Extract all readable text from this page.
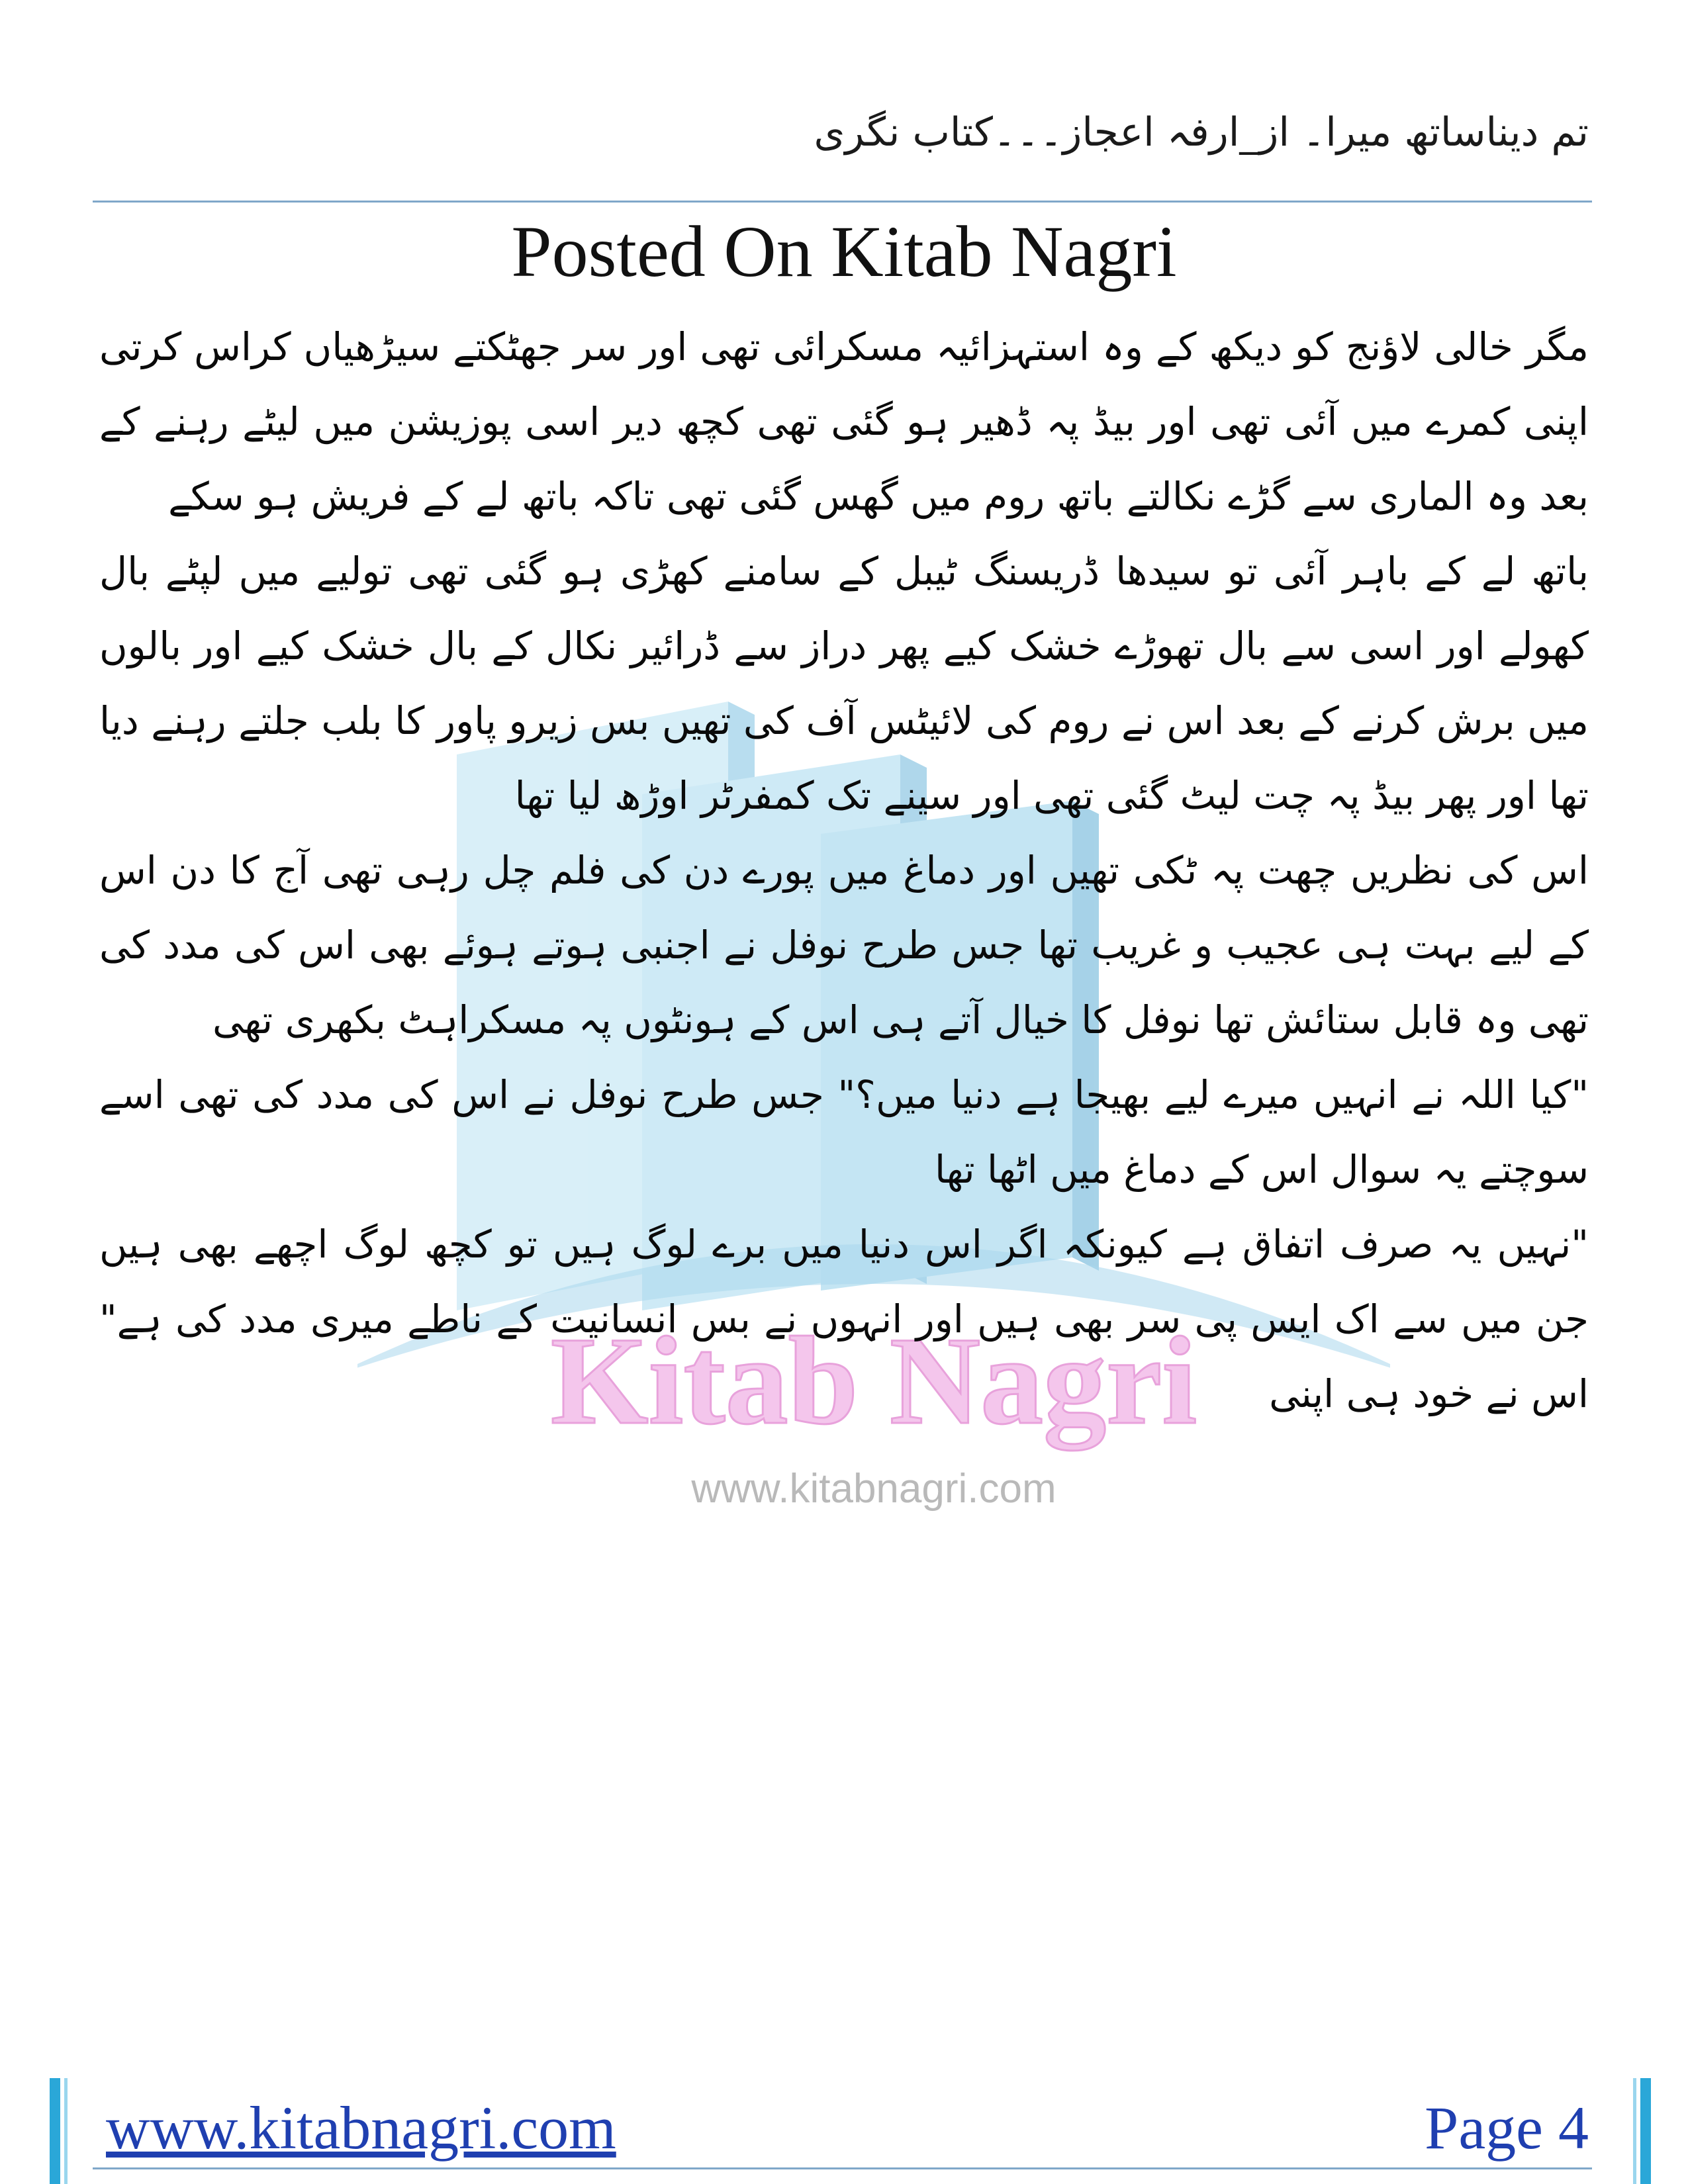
تم دیناساتھ میرا۔ از_ارفہ اعجاز۔۔۔کتاب نگری
Posted On Kitab Nagri
Kitab Nagri
www.kitabnagri.com

مگر خالی لاؤنج کو دیکھ کے وہ استہزائیہ مسکرائی تھی اور سر جھٹکتے سیڑھیاں کراس کرتی اپنی کمرے میں آئی تھی اور بیڈ پہ ڈھیر ہو گئی تھی کچھ دیر اسی پوزیشن میں لیٹے رہنے کے بعد وہ الماری سے گڑے نکالتے باتھ روم میں گھس گئی تھی تاکہ باتھ لے کے فریش ہو سکے

باتھ لے کے باہر آئی تو سیدھا ڈریسنگ ٹیبل کے سامنے کھڑی ہو گئی تھی تولیے میں لپٹے بال کھولے اور اسی سے بال تھوڑے خشک کیے پھر دراز سے ڈرائیر نکال کے بال خشک کیے اور بالوں میں برش کرنے کے بعد اس نے روم کی لائیٹس آف کی تھیں بس زیرو پاور کا بلب جلتے رہنے دیا تھا اور پھر بیڈ پہ چت لیٹ گئی تھی اور سینے تک کمفرٹر اوڑھ لیا تھا

اس کی نظریں چھت پہ ٹکی تھیں اور دماغ میں پورے دن کی فلم چل رہی تھی آج کا دن اس کے لیے بہت ہی عجیب و غریب تھا جس طرح نوفل نے اجنبی ہوتے ہوئے بھی اس کی مدد کی تھی وہ قابل ستائش تھا نوفل کا خیال آتے ہی اس کے ہونٹوں پہ مسکراہٹ بکھری تھی

"کیا اللہ نے انہیں میرے لیے بھیجا ہے دنیا میں؟" جس طرح نوفل نے اس کی مدد کی تھی اسے سوچتے یہ سوال اس کے دماغ میں اٹھا تھا

"نہیں یہ صرف اتفاق ہے کیونکہ اگر اس دنیا میں برے لوگ ہیں تو کچھ لوگ اچھے بھی ہیں جن میں سے اک ایس پی سر بھی ہیں اور انہوں نے بس انسانیت کے ناطے میری مدد کی ہے" اس نے خود ہی اپنی

www.kitabnagri.com	Page 4
